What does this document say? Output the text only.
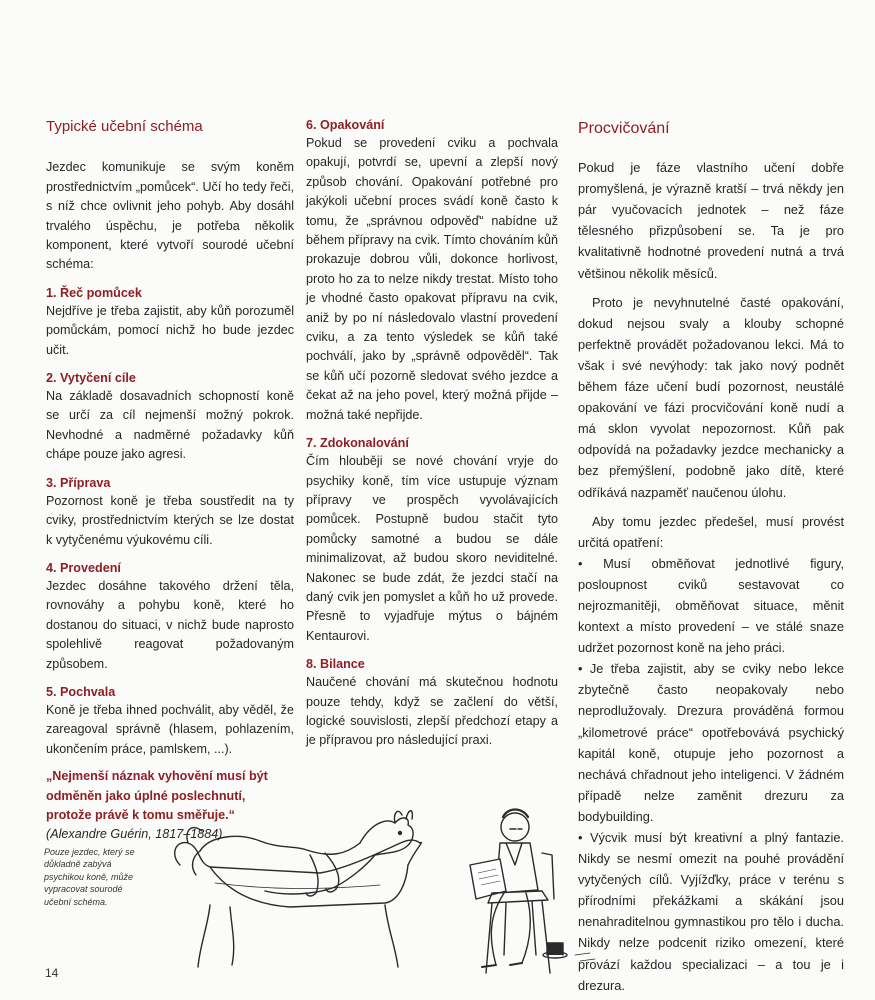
Typické učební schéma

Jezdec komunikuje se svým koněm prostřednictvím „pomůcek“. Učí ho tedy řeči, s níž chce ovlivnit jeho pohyb. Aby dosáhl trvalého úspěchu, je potřeba několik komponent, které vytvoří sourodé učební schéma:

1. Řeč pomůcek

Nejdříve je třeba zajistit, aby kůň porozuměl pomůckám, pomocí nichž ho bude jezdec učit.

2. Vytyčení cíle

Na základě dosavadních schopností koně se určí za cíl nejmenší možný pokrok. Nevhodné a nadměrné požadavky kůň chápe pouze jako agresi.

3. Příprava

Pozornost koně je třeba soustředit na ty cviky, prostřednictvím kterých se lze dostat k vytyčenému výukovému cíli.

4. Provedení

Jezdec dosáhne takového držení těla, rovnováhy a pohybu koně, které ho dostanou do situaci, v nichž bude naprosto spolehlivě reagovat požadovaným způsobem.

5. Pochvala

Koně je třeba ihned pochválit, aby věděl, že zareagoval správně (hlasem, pohlazením, ukončením práce, pamlskem, ...).

„Nejmenší náznak vyhovění musí být odměněn jako úplné poslechnutí, protože právě k tomu směřuje.“ (Alexandre Guérin, 1817–1884)

6. Opakování

Pokud se provedení cviku a pochvala opakují, potvrdí se, upevní a zlepší nový způsob chování. Opakování potřebné pro jakýkoli učební proces svádí koně často k tomu, že „správnou odpověď“ nabídne už během přípravy na cvik. Tímto chováním kůň prokazuje dobrou vůli, dokonce horlivost, proto ho za to nelze nikdy trestat. Místo toho je vhodné často opakovat přípravu na cvik, aniž by po ní následovalo vlastní provedení cviku, a za tento výsledek se kůň také pochválí, jako by „správně odpověděl“. Tak se kůň učí pozorně sledovat svého jezdce a čekat až na jeho povel, který možná přijde – možná také nepřijde.

7. Zdokonalování

Čím hlouběji se nové chování vryje do psychiky koně, tím více ustupuje význam přípravy ve prospěch vyvolávajících pomůcek. Postupně budou stačit tyto pomůcky samotné a budou se dále minimalizovat, až budou skoro neviditelné. Nakonec se bude zdát, že jezdci stačí na daný cvik jen pomyslet a kůň ho už provede. Přesně to vyjadřuje mýtus o bájném Kentaurovi.

8. Bilance

Naučené chování má skutečnou hodnotu pouze tehdy, když se začlení do větší, logické souvislosti, zlepší předchozí etapy a je přípravou pro následující praxi.

Procvičování

Pokud je fáze vlastního učení dobře promyšlená, je výrazně kratší – trvá někdy jen pár vyučovacích jednotek – než fáze tělesného přizpůsobení se. Ta je pro kvalitativně hodnotné provedení nutná a trvá většinou několik měsíců.

Proto je nevyhnutelné časté opakování, dokud nejsou svaly a klouby schopné perfektně provádět požadovanou lekci. Má to však i své nevýhody: tak jako nový podnět během fáze učení budí pozornost, neustálé opakování ve fázi procvičování koně nudí a má sklon vyvolat nepozornost. Kůň pak odpovídá na požadavky jezdce mechanicky a bez přemýšlení, podobně jako dítě, které odříkává nazpaměť naučenou úlohu.

Aby tomu jezdec předešel, musí provést určitá opatření:

• Musí obměňovat jednotlivé figury, posloupnost cviků sestavovat co nejrozmanitěji, obměňovat situace, měnit kontext a místo provedení – ve stálé snaze udržet pozornost koně na jeho práci.

• Je třeba zajistit, aby se cviky nebo lekce zbytečně často neopakovaly nebo neprodlužovaly. Drezura prováděná formou „kilometrové práce“ opotřebovává psychický kapitál koně, otupuje jeho pozornost a nechává chřadnout jeho inteligenci. V žádném případě nelze zaměnit drezuru za bodybuilding.

• Výcvik musí být kreativní a plný fantazie. Nikdy se nesmí omezit na pouhé provádění vytyčených cílů. Vyjížďky, práce v terénu s přírodními překážkami a skákání jsou nenahraditelnou gymnastikou pro tělo i ducha. Nikdy nelze podcenit riziko omezení, které provází každou specializaci – a tou je i drezura.

Pouze jezdec, který se důkladně zabývá psychikou koně, může vypracovat sourodé učební schéma.
14
